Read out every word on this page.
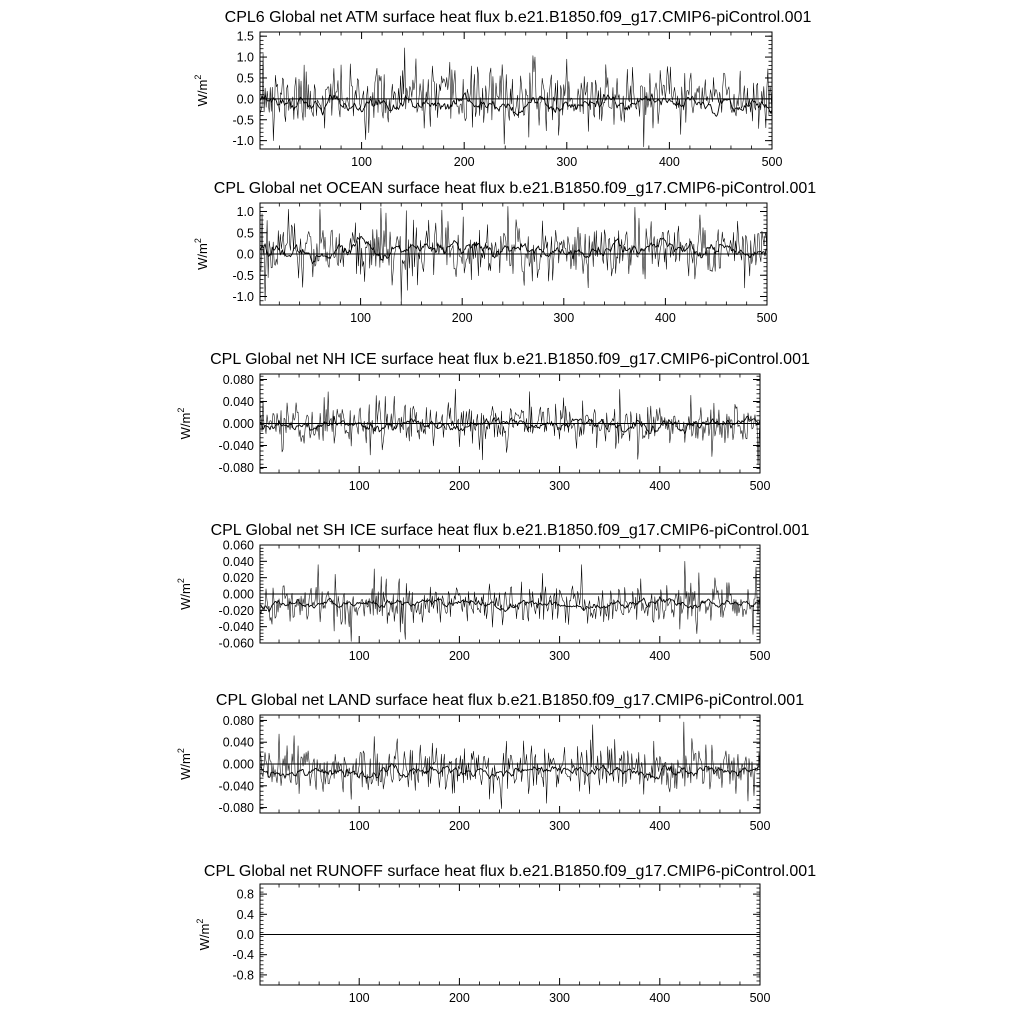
CPL6 Global net ATM surface heat flux b.e21.B1850.f09_g17.CMIP6-piControl.001
$W/m^2$
-1.0
-0.5
0.0
0.5
1.0
1.5
100	200	300	400	500
CPL Global net OCEAN surface heat flux b.e21.B1850.f09_g17.CMIP6-piControl.001
$W/m^2$
-1.0
-0.5
0.0
0.5
1.0
100	200	300	400	500
CPL Global net NH ICE surface heat flux b.e21.B1850.f09_g17.CMIP6-piControl.001
$W/m^2$
-0.080
-0.040
0.000
0.040
0.080
100	200	300	400	500
CPL Global net SH ICE surface heat flux b.e21.B1850.f09_g17.CMIP6-piControl.001
$W/m^2$
-0.060
-0.040
-0.020
0.000
0.020
0.040
0.060
100	200	300	400	500
CPL Global net LAND surface heat flux b.e21.B1850.f09_g17.CMIP6-piControl.001
$W/m^2$
-0.080
-0.040
0.000
0.040
0.080
100	200	300	400	500
CPL Global net RUNOFF surface heat flux b.e21.B1850.f09_g17.CMIP6-piControl.001
$W/m^2$
-0.8
-0.4
0.0
0.4
0.8
100	200	300	400	500
